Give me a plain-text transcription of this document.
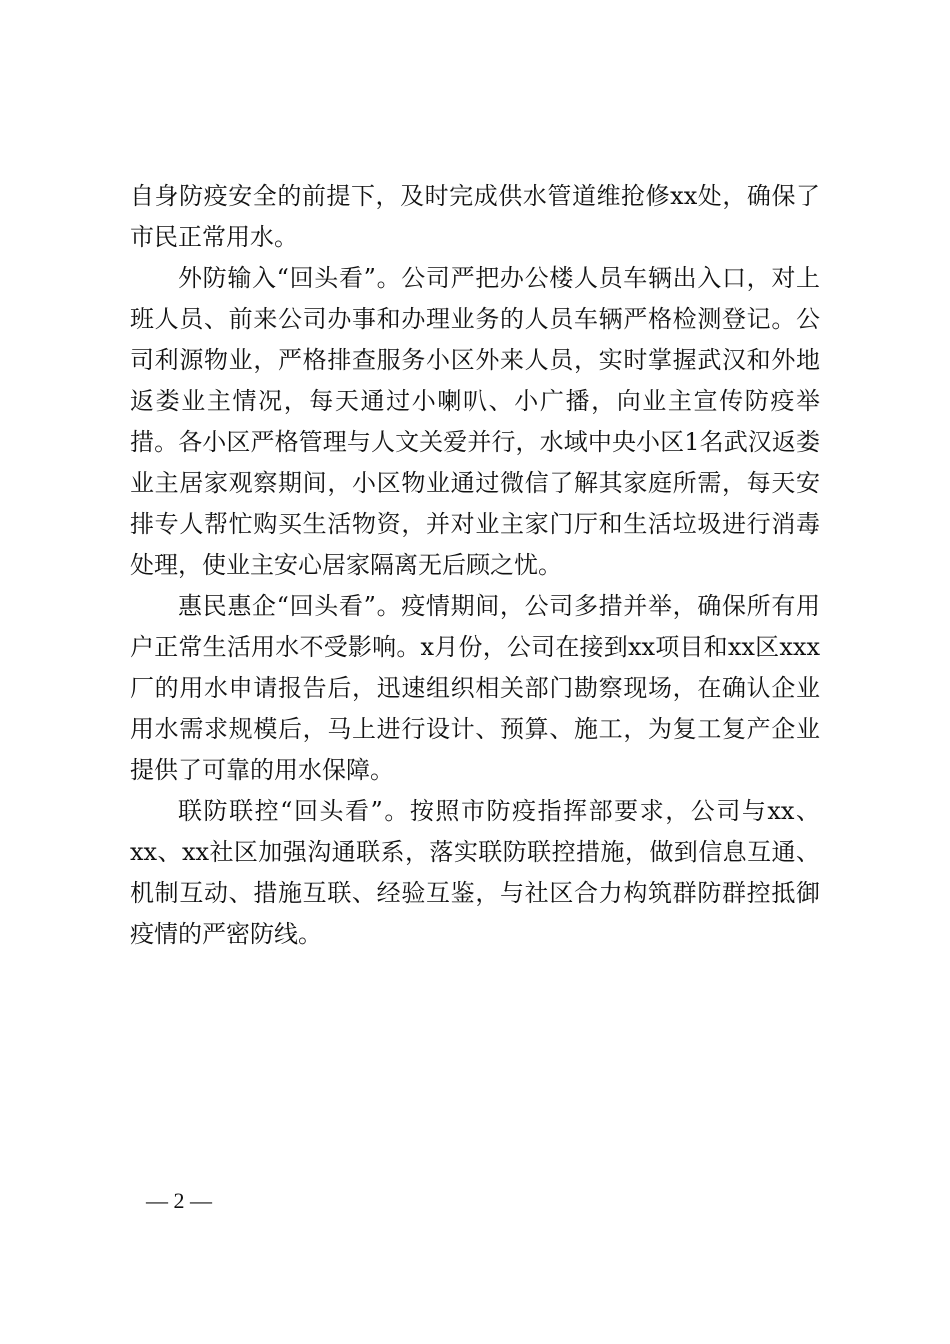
自身防疫安全的前提下，及时完成供水管道维抢修xx处，确保了市民正常用水。

外防输入“回头看”。公司严把办公楼人员车辆出入口，对上班人员、前来公司办事和办理业务的人员车辆严格检测登记。公司利源物业，严格排查服务小区外来人员，实时掌握武汉和外地返娄业主情况，每天通过小喇叭、小广播，向业主宣传防疫举措。各小区严格管理与人文关爱并行，水域中央小区1名武汉返娄业主居家观察期间，小区物业通过微信了解其家庭所需，每天安排专人帮忙购买生活物资，并对业主家门厅和生活垃圾进行消毒处理，使业主安心居家隔离无后顾之忧。

惠民惠企“回头看”。疫情期间，公司多措并举，确保所有用户正常生活用水不受影响。x月份，公司在接到xx项目和xx区xxx厂的用水申请报告后，迅速组织相关部门勘察现场，在确认企业用水需求规模后，马上进行设计、预算、施工，为复工复产企业提供了可靠的用水保障。

联防联控“回头看”。按照市防疫指挥部要求，公司与xx、xx、xx社区加强沟通联系，落实联防联控措施，做到信息互通、机制互动、措施互联、经验互鉴，与社区合力构筑群防群控抵御疫情的严密防线。

— 2 —
